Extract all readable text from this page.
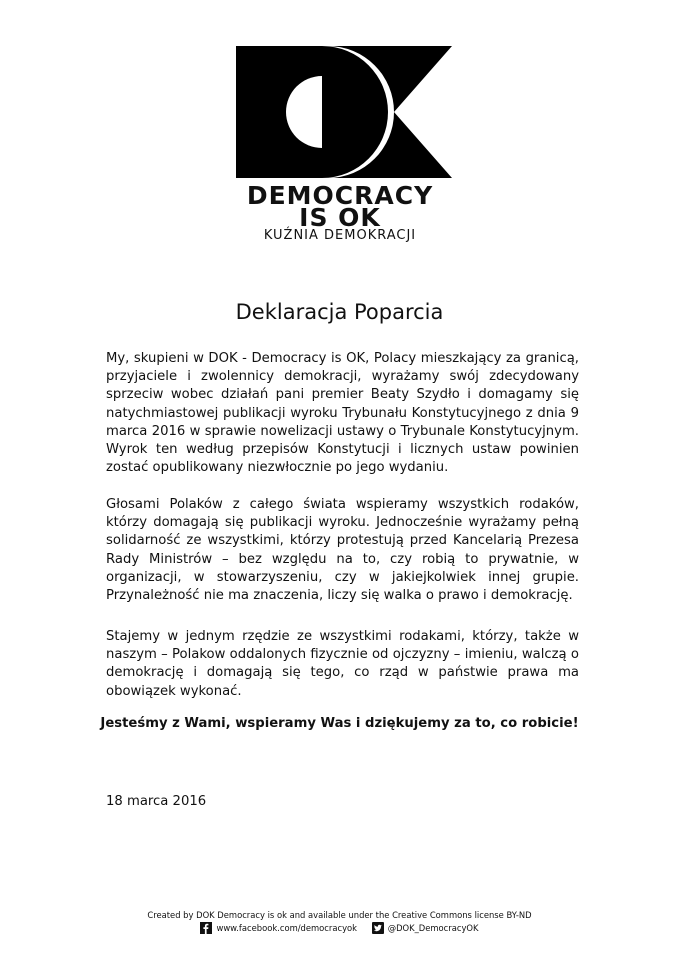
DEMOCRACY
IS OK
KUŹNIA DEMOKRACJI
Deklaracja Poparcia

My, skupieni w DOK - Democracy is OK, Polacy mieszkający za granicą, przyjaciele i zwolennicy demokracji, wyrażamy swój zdecydowany sprzeciw wobec działań pani premier Beaty Szydło i domagamy się natychmiastowej publikacji wyroku Trybunału Konstytucyjnego z dnia 9 marca 2016 w sprawie nowelizacji ustawy o Trybunale Konstytucyjnym. Wyrok ten według przepisów Konstytucji i licznych ustaw powinien zostać opublikowany niezwłocznie po jego wydaniu.

Głosami Polaków z całego świata wspieramy wszystkich rodaków, którzy domagają się publikacji wyroku. Jednocześnie wyrażamy pełną solidarność ze wszystkimi, którzy protestują przed Kancelarią Prezesa Rady Ministrów – bez względu na to, czy robią to prywatnie, w organizacji, w stowarzyszeniu, czy w jakiejkolwiek innej grupie. Przynależność nie ma znaczenia, liczy się walka o prawo i demokrację.

Stajemy w jednym rzędzie ze wszystkimi rodakami, którzy, także w naszym – Polakow oddalonych fizycznie od ojczyzny – imieniu, walczą o demokrację i domagają się tego, co rząd w państwie prawa ma obowiązek wykonać.

Jesteśmy z Wami, wspieramy Was i dziękujemy za to, co robicie!
18 marca 2016
Created by DOK Democracy is ok and available under the Creative Commons license BY-ND
www.facebook.com/democracyok
	@DOK_DemocracyOK
